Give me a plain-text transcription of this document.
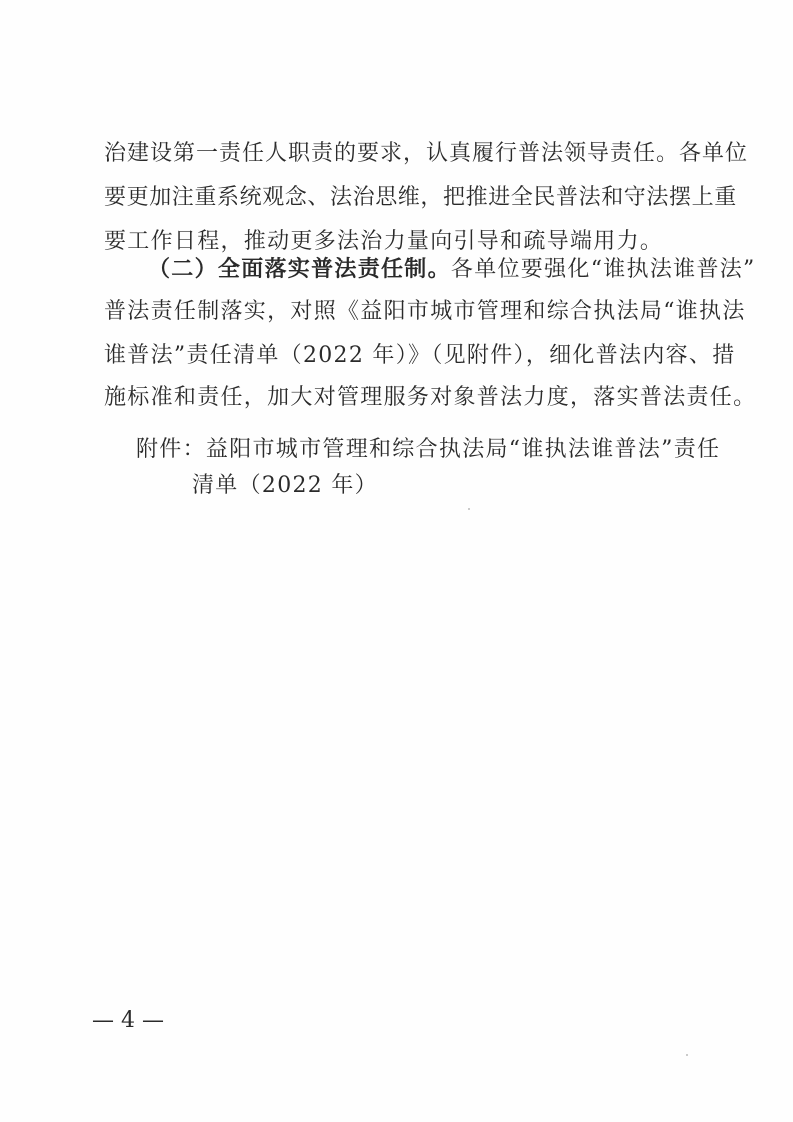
治建设第一责任人职责的要求，认真履行普法领导责任。各单位
要更加注重系统观念、法治思维，把推进全民普法和守法摆上重
要工作日程，推动更多法治力量向引导和疏导端用力。
（二）全面落实普法责任制。各单位要强化“谁执法谁普法”
普法责任制落实，对照《益阳市城市管理和综合执法局“谁执法
谁普法”责任清单（2022 年）》（见附件），细化普法内容、措
施标准和责任，加大对管理服务对象普法力度，落实普法责任。
附件：益阳市城市管理和综合执法局“谁执法谁普法”责任
清单（2022 年）
— 4 —
